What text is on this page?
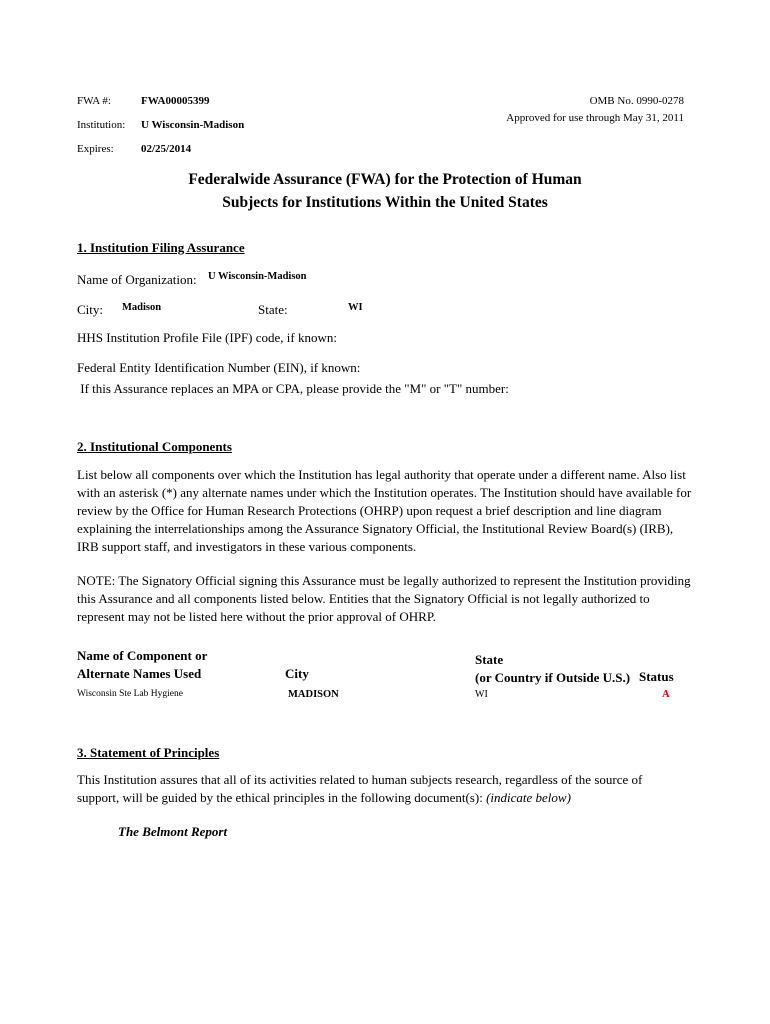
FWA #:	FWA00005399
Institution: U Wisconsin-Madison
Expires: 02/25/2014
OMB No. 0990-0278
Approved for use through May 31, 2011
Federalwide Assurance (FWA) for the Protection of Human
Subjects for Institutions Within the United States
1. Institution Filing Assurance
Name of Organization: U Wisconsin-Madison
City: Madison	State:	WI
HHS Institution Profile File (IPF) code, if known:
Federal Entity Identification Number (EIN), if known:
If this Assurance replaces an MPA or CPA, please provide the "M" or "T" number:
2. Institutional Components
List below all components over which the Institution has legal authority that operate under a different name. Also list with an asterisk (*) any alternate names under which the Institution operates. The Institution should have available for review by the Office for Human Research Protections (OHRP) upon request a brief description and line diagram explaining the interrelationships among the Assurance Signatory Official, the Institutional Review Board(s) (IRB), IRB support staff, and investigators in these various components.
NOTE: The Signatory Official signing this Assurance must be legally authorized to represent the Institution providing this Assurance and all components listed below. Entities that the Signatory Official is not legally authorized to represent may not be listed here without the prior approval of OHRP.
Name of Component or
Alternate Names Used	City
State
(or Country if Outside U.S.) Status
Wisconsin Ste Lab Hygiene	MADISON	WI	A
3. Statement of Principles
This Institution assures that all of its activities related to human subjects research, regardless of the source of support, will be guided by the ethical principles in the following document(s): (indicate below)
The Belmont Report
